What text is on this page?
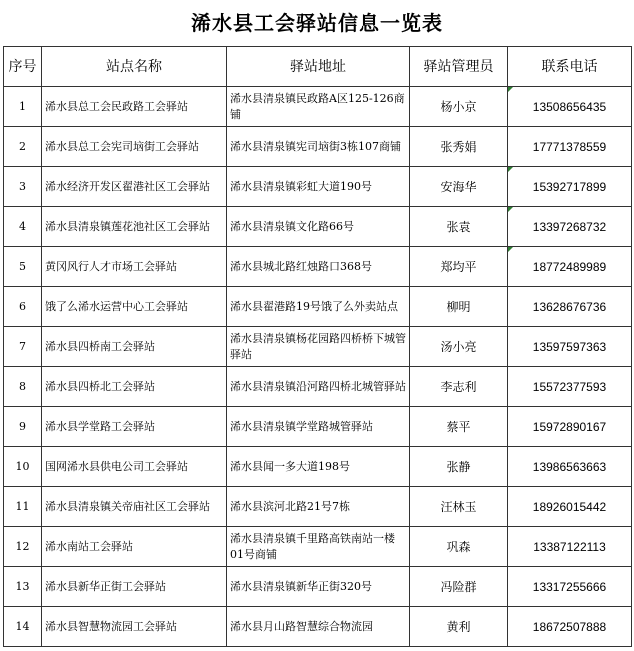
浠水县工会驿站信息一览表
序号	站点名称	驿站地址	驿站管理员	联系电话
1	浠水县总工会民政路工会驿站	浠水县清泉镇民政路A区125-126商铺	杨小京	13508656435
2	浠水县总工会宪司垴街工会驿站	浠水县清泉镇宪司垴街3栋107商铺	张秀娟	17771378559
3	浠水经济开发区翟港社区工会驿站	浠水县清泉镇彩虹大道190号	安海华	15392717899
4	浠水县清泉镇莲花池社区工会驿站	浠水县清泉镇文化路66号	张袁	13397268732
5	黄冈风行人才市场工会驿站	浠水县城北路红烛路口368号	郑均平	18772489989
6	饿了么浠水运营中心工会驿站	浠水县翟港路19号饿了么外卖站点	柳明	13628676736
7	浠水县四桥南工会驿站	浠水县清泉镇杨花园路四桥桥下城管驿站	汤小亮	13597597363
8	浠水县四桥北工会驿站	浠水县清泉镇沿河路四桥北城管驿站	李志利	15572377593
9	浠水县学堂路工会驿站	浠水县清泉镇学堂路城管驿站	蔡平	15972890167
10	国网浠水县供电公司工会驿站	浠水县闻一多大道198号	张静	13986563663
11	浠水县清泉镇关帝庙社区工会驿站	浠水县滨河北路21号7栋	汪林玉	18926015442
12	浠水南站工会驿站	浠水县清泉镇千里路高铁南站一楼01号商铺	巩森	13387122113
13	浠水县新华正街工会驿站	浠水县清泉镇新华正街320号	冯险群	13317255666
14	浠水县智慧物流园工会驿站	浠水县月山路智慧综合物流园	黄利	18672507888
